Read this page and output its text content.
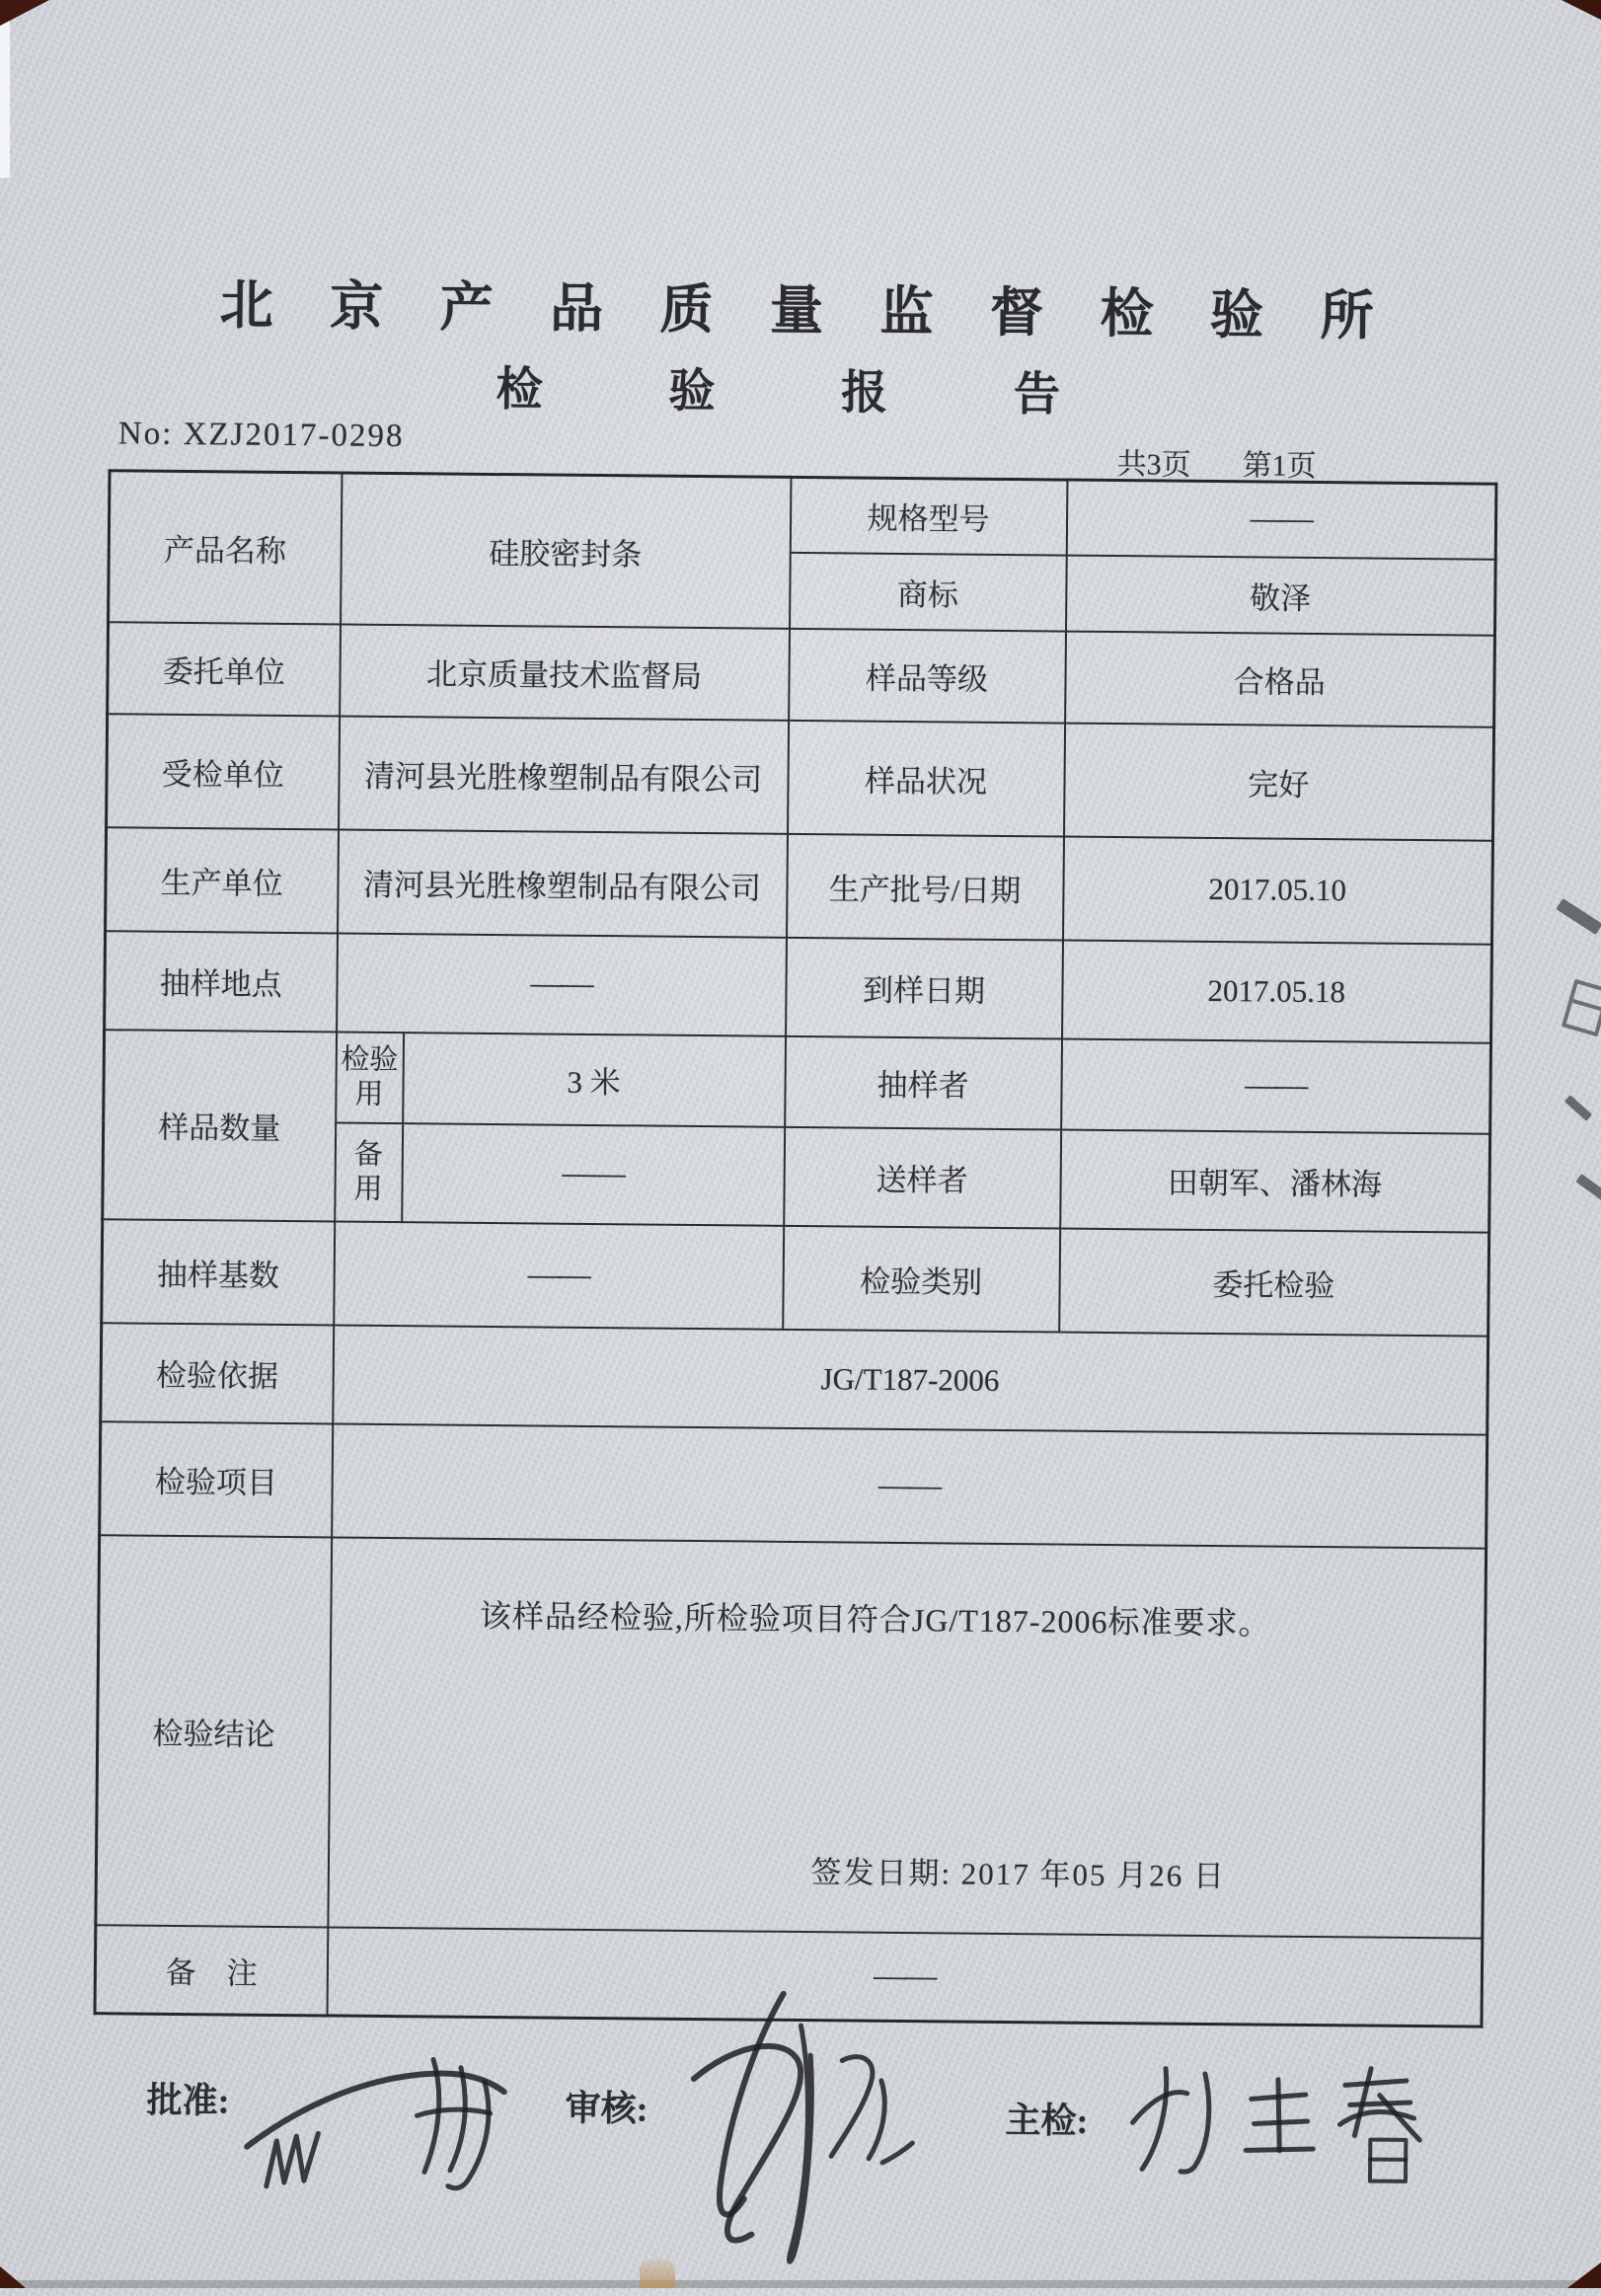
北 京 产 品 质 量 监 督 检 验 所
检 验 报 告
No: XZJ2017-0298
共3页 第1页
产品名称	硅胶密封条		规格型号	——
			商标	敬泽
委托单位	北京质量技术监督局		样品等级	合格品
受检单位	清河县光胜橡塑制品有限公司		样品状况	完好
生产单位	清河县光胜橡塑制品有限公司		生产批号/日期	2017.05.10
抽样地点	——		到样日期	2017.05.18
样品数量	检验用	3 米	抽样者	——
	备用	——	送样者	田朝军、潘林海
抽样基数	——		检验类别	委托检验
检验依据	JG/T187-2006			
检验项目	——			
检验结论	该样品经检验,所检验项目符合JG/T187-2006标准要求。
签发日期: 2017 年05 月26 日			

备　注	——			
批准:	审核:	主检:
